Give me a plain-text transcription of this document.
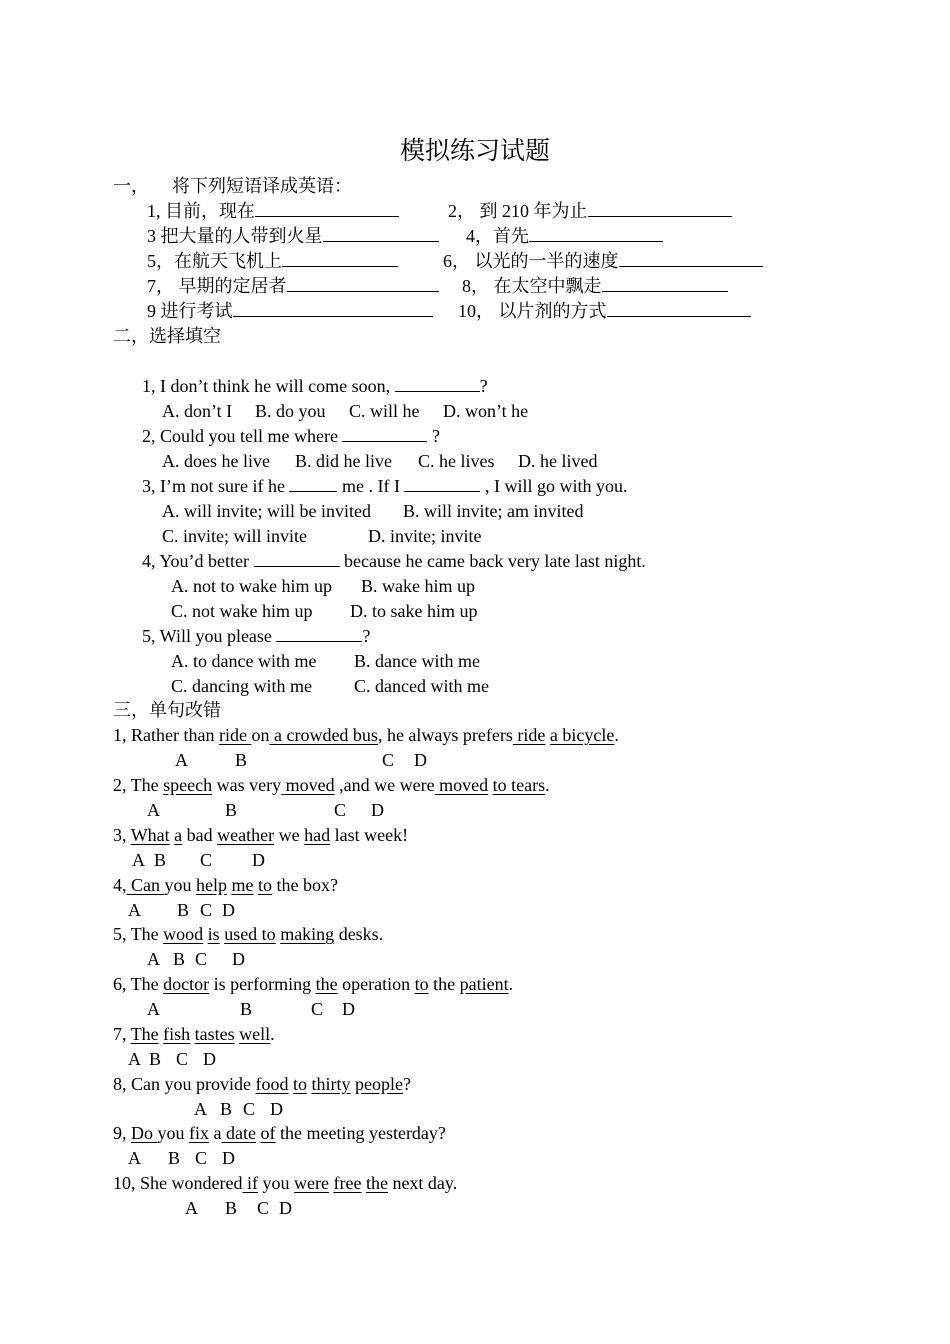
模拟练习试题
一， 将下列短语译成英语：
1, 目前，现在	2， 到 210 年为止
3 把大量的人带到火星	4，首先
5，在航天飞机上	6， 以光的一半的速度
7， 早期的定居者	8， 在太空中飘走
9 进行考试	10， 以片剂的方式
二，选择填空
1, I don’t think he will come soon,	?
A. don’t I B. do you C. will he D. won’t he
2, Could you tell me where	?
A. does he live B. did he live C. he lives D. he lived
3, I’m not sure if he	me . If I	, I will go with you.
A. will invite; will be invited B. will invite; am invited
C. invite; will invite	D. invite; invite
4, You’d better	because he came back very late last night.
A. not to wake him up B. wake him up
C. not wake him up D. to sake him up
5, Will you please	?
A. to dance with me B. dance with me
C. dancing with me C. danced with me
三，单句改错
1, Rather than ride on a crowded bus, he always prefers ride a bicycle.
A	B	C D
2, The speech was very moved ,and we were moved to tears.
A	B	C D
3, What a bad weather we had last week!
A B C D
4, Can you help me to the box?
A B C D
5, The wood is used to making desks.
A B C D
6, The doctor is performing the operation to the patient.
A	B	C D
7, The fish tastes well.
A B C D
8, Can you provide food to thirty people?
A B C D
9, Do you fix a date of the meeting yesterday?
A B C D
10, She wondered if you were free the next day.
A B C D
